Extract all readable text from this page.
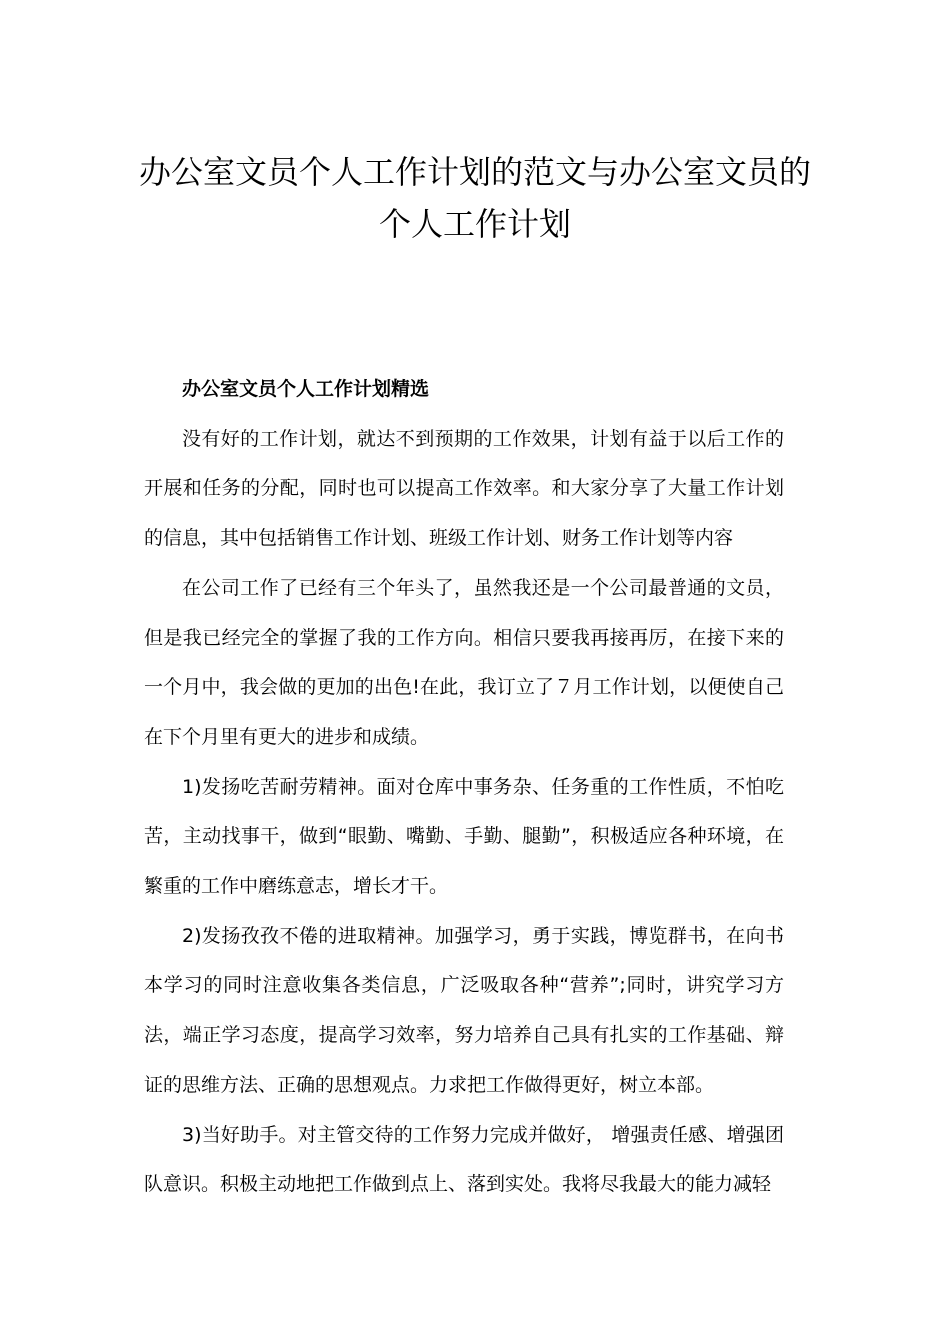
办公室文员个人工作计划的范文与办公室文员的个人工作计划

办公室文员个人工作计划精选

没有好的工作计划，就达不到预期的工作效果，计划有益于以后工作的开展和任务的分配，同时也可以提高工作效率。和大家分享了大量工作计划的信息，其中包括销售工作计划、班级工作计划、财务工作计划等内容

在公司工作了已经有三个年头了，虽然我还是一个公司最普通的文员，但是我已经完全的掌握了我的工作方向。相信只要我再接再厉，在接下来的一个月中，我会做的更加的出色!在此，我订立了７月工作计划，以便使自己在下个月里有更大的进步和成绩。

1)发扬吃苦耐劳精神。面对仓库中事务杂、任务重的工作性质，不怕吃苦，主动找事干，做到“眼勤、嘴勤、手勤、腿勤”，积极适应各种环境，在繁重的工作中磨练意志，增长才干。

2)发扬孜孜不倦的进取精神。加强学习，勇于实践，博览群书，在向书本学习的同时注意收集各类信息，广泛吸取各种“营养”;同时，讲究学习方法，端正学习态度，提高学习效率，努力培养自己具有扎实的工作基础、辩证的思维方法、正确的思想观点。力求把工作做得更好，树立本部。

3)当好助手。对主管交待的工作努力完成并做好， 增强责任感、增强团队意识。积极主动地把工作做到点上、落到实处。我将尽我最大的能力减轻
